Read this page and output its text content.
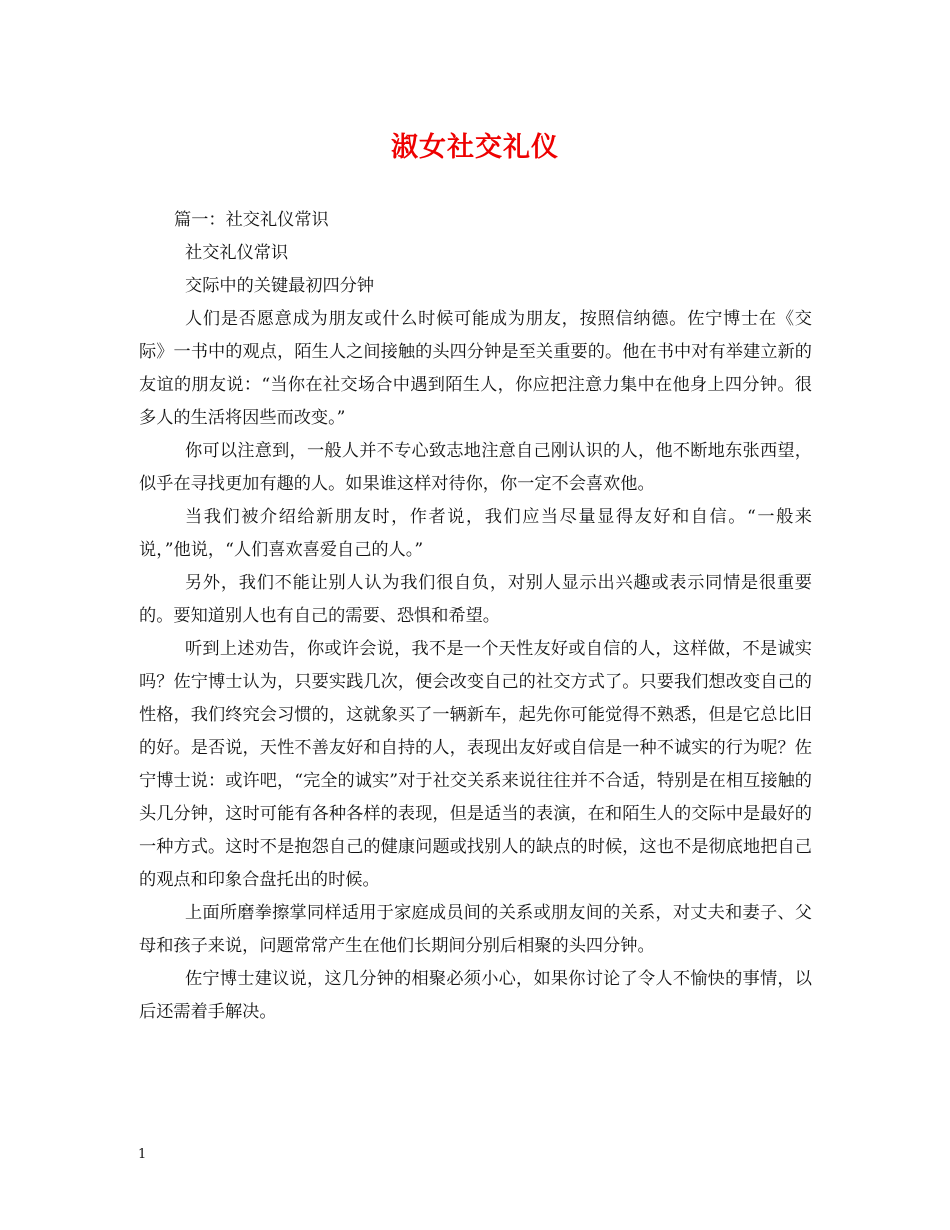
淑女社交礼仪

篇一：社交礼仪常识

社交礼仪常识

交际中的关键最初四分钟

人们是否愿意成为朋友或什么时候可能成为朋友，按照信纳德。佐宁博士在《交际》一书中的观点，陌生人之间接触的头四分钟是至关重要的。他在书中对有举建立新的友谊的朋友说：“当你在社交场合中遇到陌生人，你应把注意力集中在他身上四分钟。很多人的生活将因些而改变。”

你可以注意到，一般人并不专心致志地注意自己刚认识的人，他不断地东张西望，似乎在寻找更加有趣的人。如果谁这样对待你，你一定不会喜欢他。

当我们被介绍给新朋友时，作者说，我们应当尽量显得友好和自信。“一般来说，”他说，“人们喜欢喜爱自己的人。”

另外，我们不能让别人认为我们很自负，对别人显示出兴趣或表示同情是很重要的。要知道别人也有自己的需要、恐惧和希望。

听到上述劝告，你或许会说，我不是一个天性友好或自信的人，这样做，不是诚实吗？佐宁博士认为，只要实践几次，便会改变自己的社交方式了。只要我们想改变自己的性格，我们终究会习惯的，这就象买了一辆新车，起先你可能觉得不熟悉，但是它总比旧的好。是否说，天性不善友好和自持的人，表现出友好或自信是一种不诚实的行为呢？佐宁博士说：或许吧，“完全的诚实”对于社交关系来说往往并不合适，特别是在相互接触的头几分钟，这时可能有各种各样的表现，但是适当的表演，在和陌生人的交际中是最好的一种方式。这时不是抱怨自己的健康问题或找别人的缺点的时候，这也不是彻底地把自己的观点和印象合盘托出的时候。

上面所磨拳擦掌同样适用于家庭成员间的关系或朋友间的关系，对丈夫和妻子、父母和孩子来说，问题常常产生在他们长期间分别后相聚的头四分钟。

佐宁博士建议说，这几分钟的相聚必须小心，如果你讨论了令人不愉快的事情，以后还需着手解决。

1
